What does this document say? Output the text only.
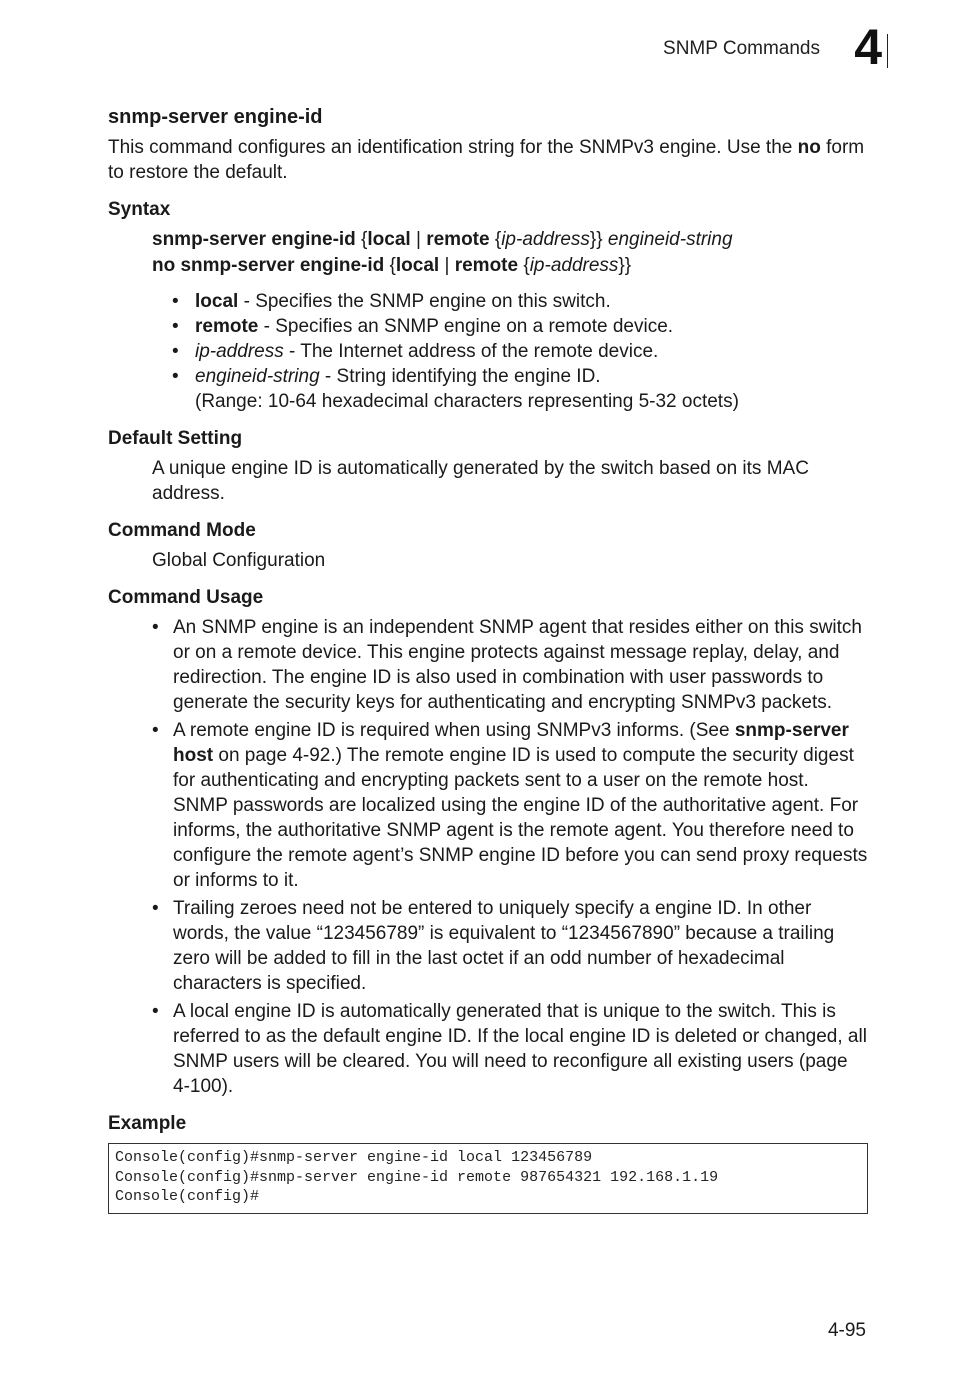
SNMP Commands 4
snmp-server engine-id

This command configures an identification string for the SNMPv3 engine. Use the no form to restore the default.

Syntax
snmp-server engine-id {local | remote {ip-address}} engineid-string
no snmp-server engine-id {local | remote {ip-address}}
• local - Specifies the SNMP engine on this switch.
• remote - Specifies an SNMP engine on a remote device.
• ip-address - The Internet address of the remote device.
• engineid-string - String identifying the engine ID.
(Range: 10-64 hexadecimal characters representing 5-32 octets)
Default Setting

A unique engine ID is automatically generated by the switch based on its MAC address.

Command Mode

Global Configuration

Command Usage
• An SNMP engine is an independent SNMP agent that resides either on this switch or on a remote device. This engine protects against message replay, delay, and redirection. The engine ID is also used in combination with user passwords to generate the security keys for authenticating and encrypting SNMPv3 packets.
• A remote engine ID is required when using SNMPv3 informs. (See snmp-server host on page 4-92.) The remote engine ID is used to compute the security digest for authenticating and encrypting packets sent to a user on the remote host. SNMP passwords are localized using the engine ID of the authoritative agent. For informs, the authoritative SNMP agent is the remote agent. You therefore need to configure the remote agent’s SNMP engine ID before you can send proxy requests or informs to it.
• Trailing zeroes need not be entered to uniquely specify a engine ID. In other words, the value “123456789” is equivalent to “1234567890” because a trailing zero will be added to fill in the last octet if an odd number of hexadecimal characters is specified.
• A local engine ID is automatically generated that is unique to the switch. This is referred to as the default engine ID. If the local engine ID is deleted or changed, all SNMP users will be cleared. You will need to reconfigure all existing users (page 4-100).
Example
Console(config)#snmp-server engine-id local 123456789
Console(config)#snmp-server engine-id remote 987654321 192.168.1.19
Console(config)#
4-95
